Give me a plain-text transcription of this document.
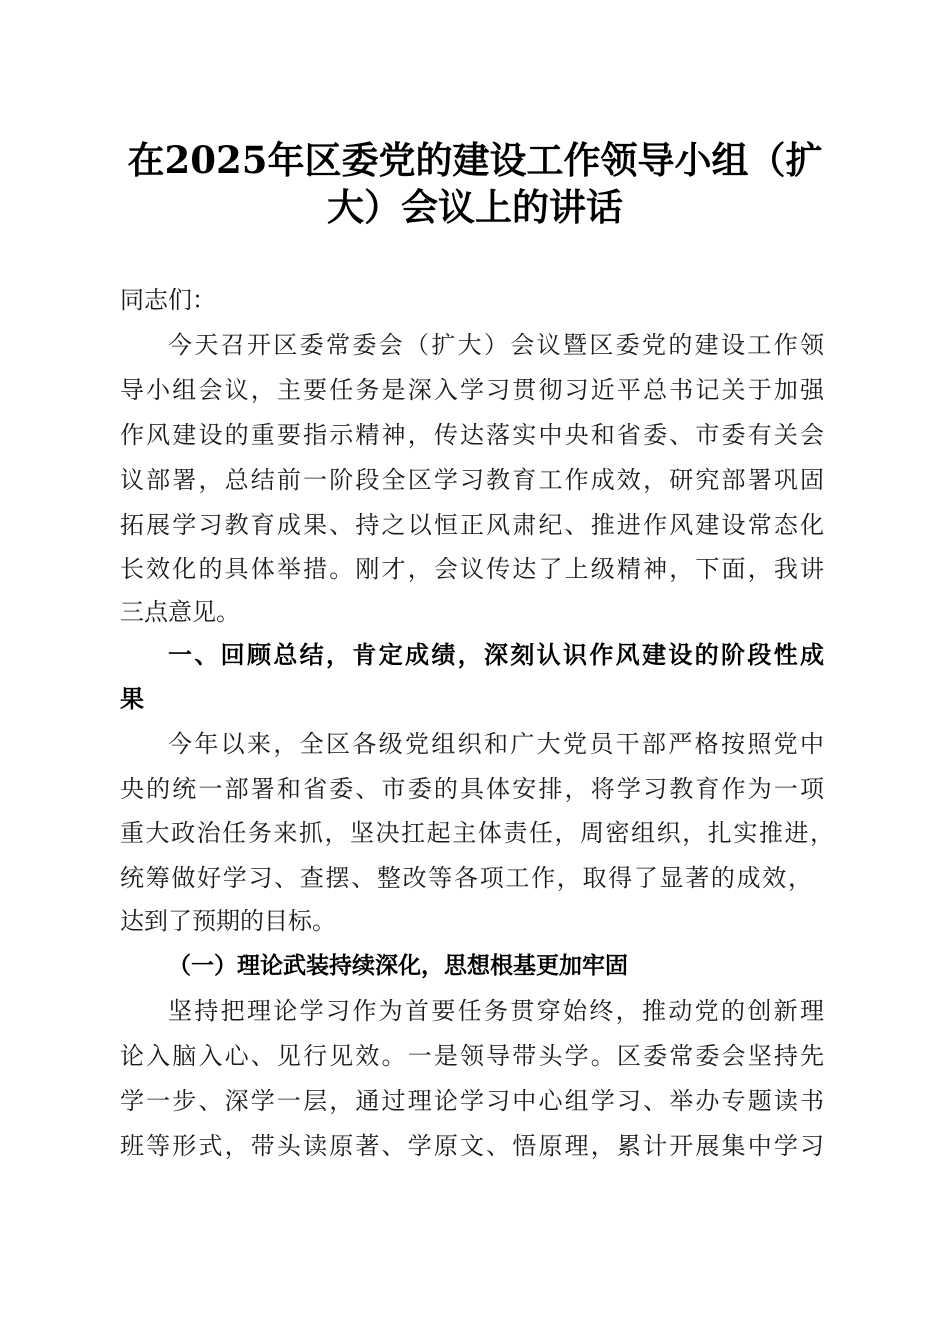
在2025年区委党的建设工作领导小组（扩
大）会议上的讲话
同志们：
今天召开区委常委会（扩大）会议暨区委党的建设工作领
导小组会议，主要任务是深入学习贯彻习近平总书记关于加强
作风建设的重要指示精神，传达落实中央和省委、市委有关会
议部署，总结前一阶段全区学习教育工作成效，研究部署巩固
拓展学习教育成果、持之以恒正风肃纪、推进作风建设常态化
长效化的具体举措。刚才，会议传达了上级精神，下面，我讲
三点意见。
一、回顾总结，肯定成绩，深刻认识作风建设的阶段性成
果
今年以来，全区各级党组织和广大党员干部严格按照党中
央的统一部署和省委、市委的具体安排，将学习教育作为一项
重大政治任务来抓，坚决扛起主体责任，周密组织，扎实推进，
统筹做好学习、查摆、整改等各项工作，取得了显著的成效，
达到了预期的目标。
（一）理论武装持续深化，思想根基更加牢固
坚持把理论学习作为首要任务贯穿始终，推动党的创新理
论入脑入心、见行见效。一是领导带头学。区委常委会坚持先
学一步、深学一层，通过理论学习中心组学习、举办专题读书
班等形式，带头读原著、学原文、悟原理，累计开展集中学习
